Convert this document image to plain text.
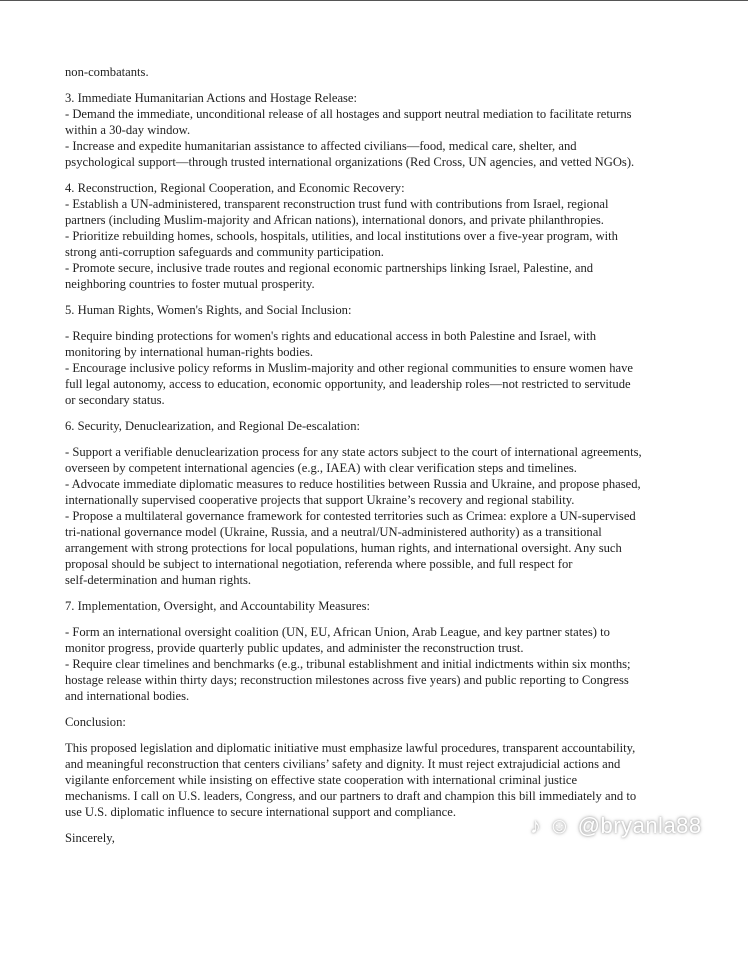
non-combatants.
3. Immediate Humanitarian Actions and Hostage Release:
- Demand the immediate, unconditional release of all hostages and support neutral mediation to facilitate returns
within a 30-day window.
- Increase and expedite humanitarian assistance to affected civilians—food, medical care, shelter, and
psychological support—through trusted international organizations (Red Cross, UN agencies, and vetted NGOs).
4. Reconstruction, Regional Cooperation, and Economic Recovery:
- Establish a UN-administered, transparent reconstruction trust fund with contributions from Israel, regional
partners (including Muslim-majority and African nations), international donors, and private philanthropies.
- Prioritize rebuilding homes, schools, hospitals, utilities, and local institutions over a five-year program, with
strong anti-corruption safeguards and community participation.
- Promote secure, inclusive trade routes and regional economic partnerships linking Israel, Palestine, and
neighboring countries to foster mutual prosperity.
5. Human Rights, Women's Rights, and Social Inclusion:
- Require binding protections for women's rights and educational access in both Palestine and Israel, with
monitoring by international human-rights bodies.
- Encourage inclusive policy reforms in Muslim-majority and other regional communities to ensure women have
full legal autonomy, access to education, economic opportunity, and leadership roles—not restricted to servitude
or secondary status.
6. Security, Denuclearization, and Regional De-escalation:
- Support a verifiable denuclearization process for any state actors subject to the court of international agreements,
overseen by competent international agencies (e.g., IAEA) with clear verification steps and timelines.
- Advocate immediate diplomatic measures to reduce hostilities between Russia and Ukraine, and propose phased,
internationally supervised cooperative projects that support Ukraine’s recovery and regional stability.
- Propose a multilateral governance framework for contested territories such as Crimea: explore a UN-supervised
tri-national governance model (Ukraine, Russia, and a neutral/UN-administered authority) as a transitional
arrangement with strong protections for local populations, human rights, and international oversight. Any such
proposal should be subject to international negotiation, referenda where possible, and full respect for
self-determination and human rights.
7. Implementation, Oversight, and Accountability Measures:
- Form an international oversight coalition (UN, EU, African Union, Arab League, and key partner states) to
monitor progress, provide quarterly public updates, and administer the reconstruction trust.
- Require clear timelines and benchmarks (e.g., tribunal establishment and initial indictments within six months;
hostage release within thirty days; reconstruction milestones across five years) and public reporting to Congress
and international bodies.
Conclusion:
This proposed legislation and diplomatic initiative must emphasize lawful procedures, transparent accountability,
and meaningful reconstruction that centers civilians’ safety and dignity. It must reject extrajudicial actions and
vigilante enforcement while insisting on effective state cooperation with international criminal justice
mechanisms. I call on U.S. leaders, Congress, and our partners to draft and champion this bill immediately and to
use U.S. diplomatic influence to secure international support and compliance.
Sincerely,	♪ ☺ @bryanla88
